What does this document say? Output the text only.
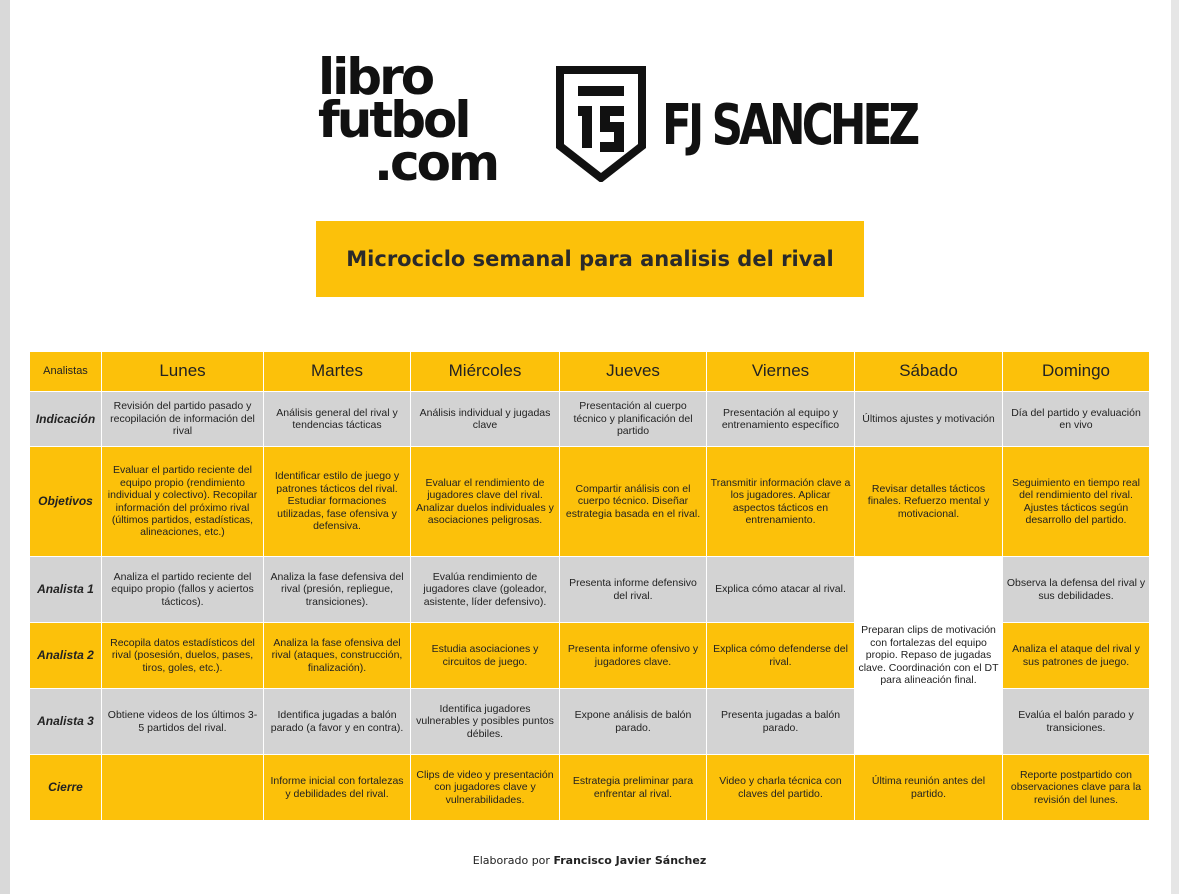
libro
futbol
.com
FJ SANCHEZ
Microciclo semanal para analisis del rival
Analistas	Lunes	Martes	Miércoles	Jueves	Viernes	Sábado	Domingo
Indicación	Revisión del partido pasado y recopilación de información del rival	Análisis general del rival y tendencias tácticas	Análisis individual y jugadas clave	Presentación al cuerpo técnico y planificación del partido	Presentación al equipo y entrenamiento específico	Últimos ajustes y motivación	Día del partido y evaluación en vivo
Objetivos	Evaluar el partido reciente del equipo propio (rendimiento individual y colectivo). Recopilar información del próximo rival (últimos partidos, estadísticas, alineaciones, etc.)	Identificar estilo de juego y patrones tácticos del rival. Estudiar formaciones utilizadas, fase ofensiva y defensiva.	Evaluar el rendimiento de jugadores clave del rival. Analizar duelos individuales y asociaciones peligrosas.	Compartir análisis con el cuerpo técnico. Diseñar estrategia basada en el rival.	Transmitir información clave a los jugadores. Aplicar aspectos tácticos en entrenamiento.	Revisar detalles tácticos finales. Refuerzo mental y motivacional.	Seguimiento en tiempo real del rendimiento del rival. Ajustes tácticos según desarrollo del partido.
Analista 1	Analiza el partido reciente del equipo propio (fallos y aciertos tácticos).	Analiza la fase defensiva del rival (presión, repliegue, transiciones).	Evalúa rendimiento de jugadores clave (goleador, asistente, líder defensivo).	Presenta informe defensivo del rival.	Explica cómo atacar al rival.	Preparan clips de motivación con fortalezas del equipo propio. Repaso de jugadas clave. Coordinación con el DT para alineación final.	Observa la defensa del rival y sus debilidades.
Analista 2	Recopila datos estadísticos del rival (posesión, duelos, pases, tiros, goles, etc.).	Analiza la fase ofensiva del rival (ataques, construcción, finalización).	Estudia asociaciones y circuitos de juego.	Presenta informe ofensivo y jugadores clave.	Explica cómo defenderse del rival.		Analiza el ataque del rival y sus patrones de juego.
Analista 3	Obtiene videos de los últimos 3-5 partidos del rival.	Identifica jugadas a balón parado (a favor y en contra).	Identifica jugadores vulnerables y posibles puntos débiles.	Expone análisis de balón parado.	Presenta jugadas a balón parado.		Evalúa el balón parado y transiciones.
Cierre		Informe inicial con fortalezas y debilidades del rival.	Clips de video y presentación con jugadores clave y vulnerabilidades.	Estrategia preliminar para enfrentar al rival.	Video y charla técnica con claves del partido.	Última reunión antes del partido.	Reporte postpartido con observaciones clave para la revisión del lunes.
Elaborado por Francisco Javier Sánchez
